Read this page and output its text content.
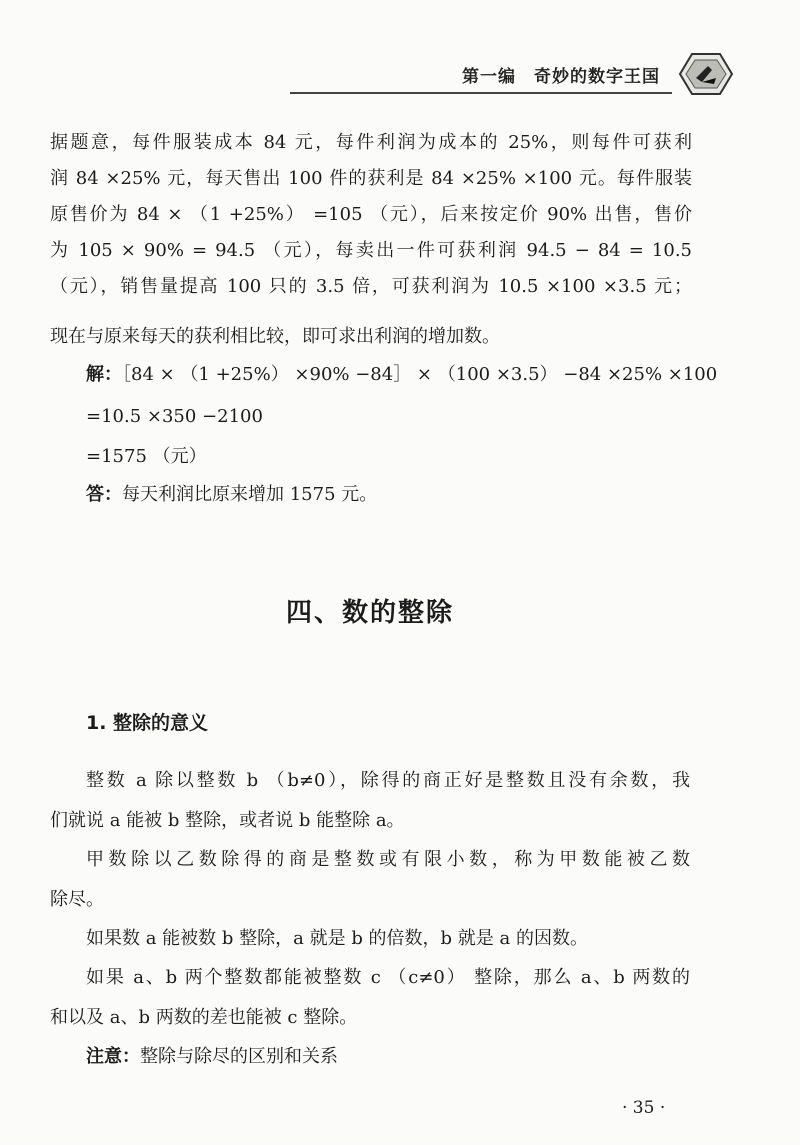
第一编　奇妙的数字王国
据题意，每件服装成本 84 元，每件利润为成本的 25%，则每件可获利
润 84 ×25% 元，每天售出 100 件的获利是 84 ×25% ×100 元。每件服装
原售价为 84 × （1 +25%） =105 （元），后来按定价 90% 出售，售价
为 105 × 90% = 94.5 （元），每卖出一件可获利润 94.5 − 84 = 10.5
（元），销售量提高 100 只的 3.5 倍，可获利润为 10.5 ×100 ×3.5 元；
现在与原来每天的获利相比较，即可求出利润的增加数。
解：［84 × （1 +25%） ×90% −84］ × （100 ×3.5） −84 ×25% ×100
=10.5 ×350 −2100
=1575 （元）
答：每天利润比原来增加 1575 元。
四、数的整除
1. 整除的意义
整数 a 除以整数 b （b≠0），除得的商正好是整数且没有余数，我
们就说 a 能被 b 整除，或者说 b 能整除 a。
甲数除以乙数除得的商是整数或有限小数，称为甲数能被乙数
除尽。
如果数 a 能被数 b 整除，a 就是 b 的倍数，b 就是 a 的因数。
如果 a、b 两个整数都能被整数 c （c≠0） 整除，那么 a、b 两数的
和以及 a、b 两数的差也能被 c 整除。
注意：整除与除尽的区别和关系
· 35 ·
